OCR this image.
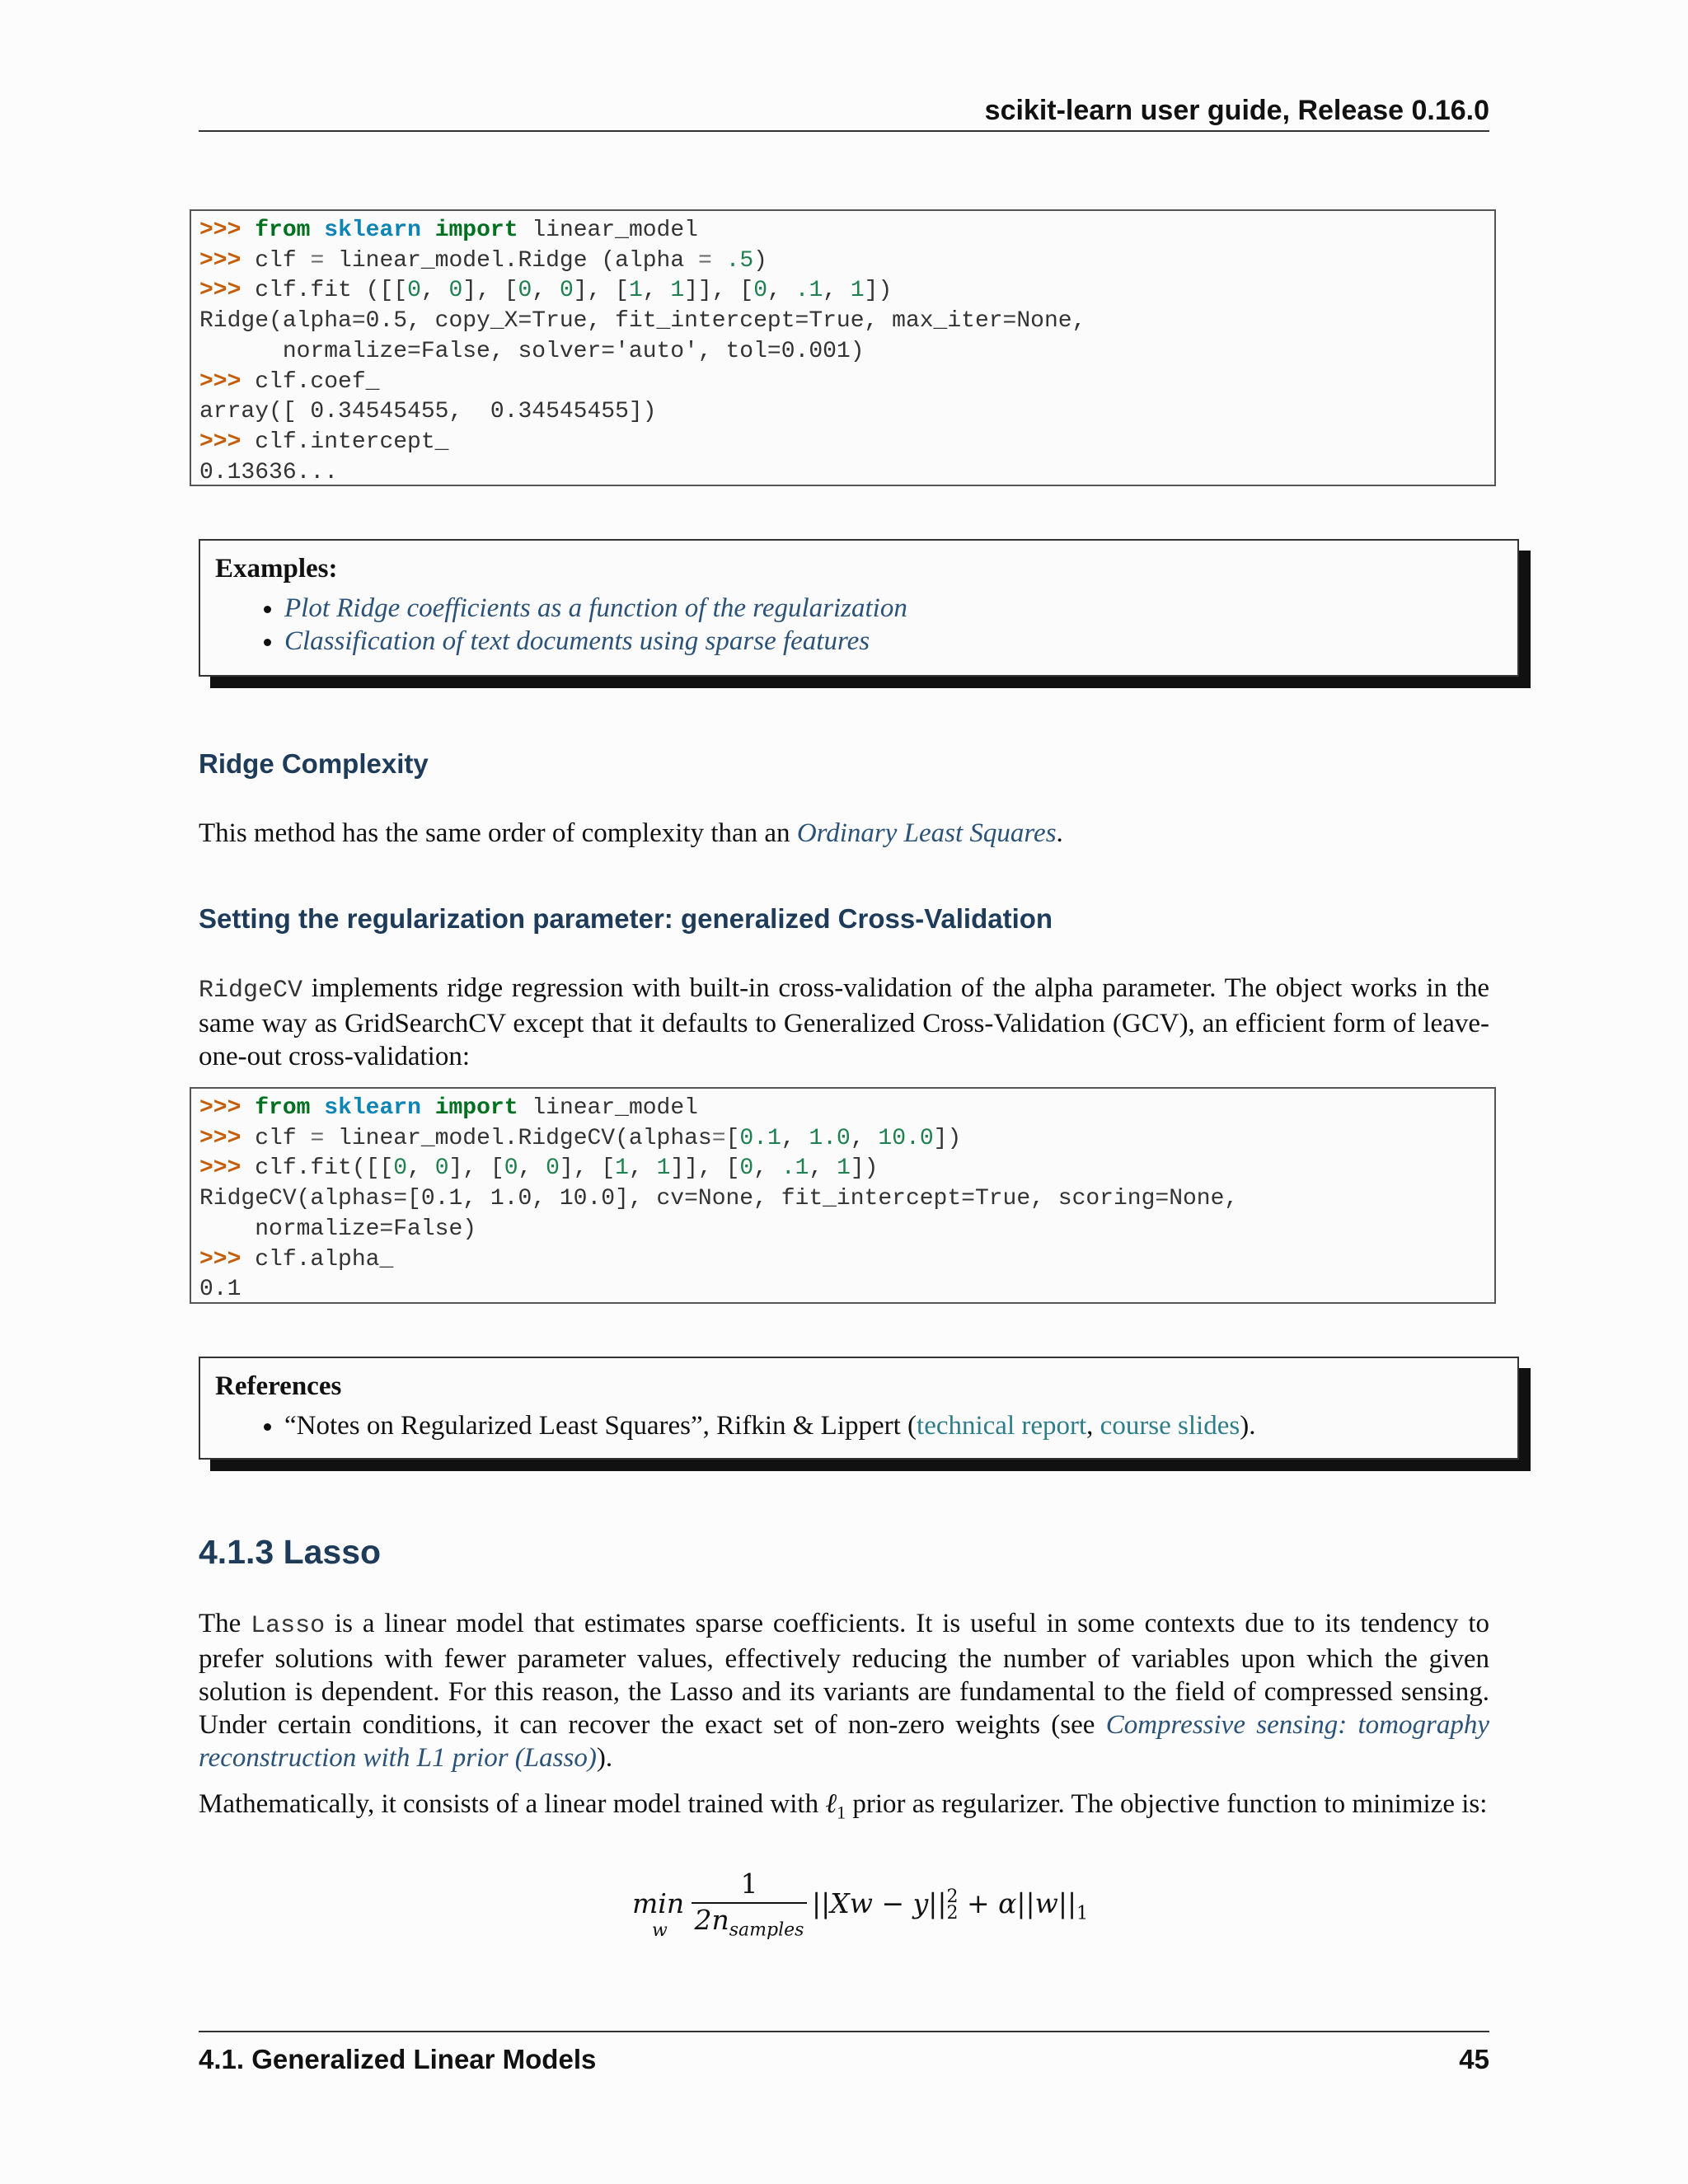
scikit-learn user guide, Release 0.16.0
>>> from sklearn import linear_model
>>> clf = linear_model.Ridge (alpha = .5)
>>> clf.fit ([[0, 0], [0, 0], [1, 1]], [0, .1, 1])
Ridge(alpha=0.5, copy_X=True, fit_intercept=True, max_iter=None,
normalize=False, solver='auto', tol=0.001)
>>> clf.coef_
array([ 0.34545455,  0.34545455])
>>> clf.intercept_
0.13636...
Examples:
• Plot Ridge coefficients as a function of the regularization
• Classification of text documents using sparse features
Ridge Complexity
This method has the same order of complexity than an Ordinary Least Squares.
Setting the regularization parameter: generalized Cross-Validation
RidgeCV implements ridge regression with built-in cross-validation of the alpha parameter. The object works in the same way as GridSearchCV except that it defaults to Generalized Cross-Validation (GCV), an efficient form of leave-one-out cross-validation:
>>> from sklearn import linear_model
>>> clf = linear_model.RidgeCV(alphas=[0.1, 1.0, 10.0])
>>> clf.fit([[0, 0], [0, 0], [1, 1]], [0, .1, 1])
RidgeCV(alphas=[0.1, 1.0, 10.0], cv=None, fit_intercept=True, scoring=None,
normalize=False)
>>> clf.alpha_
0.1
References
• “Notes on Regularized Least Squares”, Rifkin & Lippert (technical report, course slides).
4.1.3 Lasso
The Lasso is a linear model that estimates sparse coefficients. It is useful in some contexts due to its tendency to prefer solutions with fewer parameter values, effectively reducing the number of variables upon which the given solution is dependent. For this reason, the Lasso and its variants are fundamental to the field of compressed sensing. Under certain conditions, it can recover the exact set of non-zero weights (see Compressive sensing: tomography reconstruction with L1 prior (Lasso)).
Mathematically, it consists of a linear model trained with ℓ$_1$ prior as regularizer. The objective function to minimize is:
min
w
1
$2n_{samples}$
||Xw − y|| 2
$2 + \alpha||w||_1$
4.1. Generalized Linear Models	45
